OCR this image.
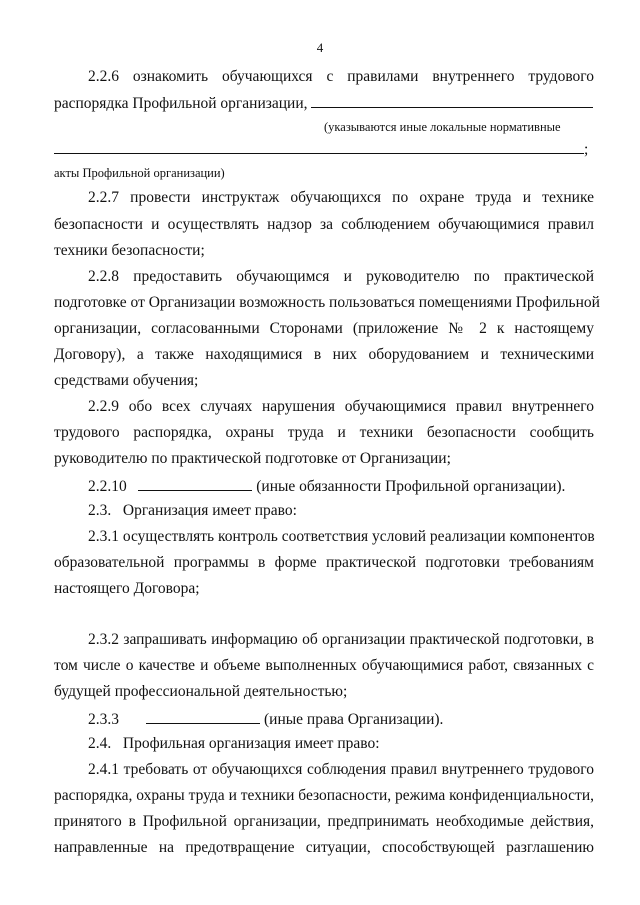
4
2.2.6 ознакомить обучающихся с правилами внутреннего трудового
распорядка Профильной организации,
(указываются иные локальные нормативные
;
акты Профильной организации)
2.2.7 провести инструктаж обучающихся по охране труда и технике
безопасности и осуществлять надзор за соблюдением обучающимися правил
техники безопасности;
2.2.8 предоставить обучающимся и руководителю по практической
подготовке от Организации возможность пользоваться помещениями Профильной
организации, согласованными Сторонами (приложение № 2 к настоящему
Договору), а также находящимися в них оборудованием и техническими
средствами обучения;
2.2.9 обо всех случаях нарушения обучающимися правил внутреннего
трудового распорядка, охраны труда и техники безопасности сообщить
руководителю по практической подготовке от Организации;
2.2.10	(иные обязанности Профильной организации).
2.3.   Организация имеет право:
2.3.1 осуществлять контроль соответствия условий реализации компонентов
образовательной программы в форме практической подготовки требованиям
настоящего Договора;
2.3.2 запрашивать информацию об организации практической подготовки, в
том числе о качестве и объеме выполненных обучающимися работ, связанных с
будущей профессиональной деятельностью;
2.3.3	(иные права Организации).
2.4.   Профильная организация имеет право:
2.4.1 требовать от обучающихся соблюдения правил внутреннего трудового
распорядка, охраны труда и техники безопасности, режима конфиденциальности,
принятого в Профильной организации, предпринимать необходимые действия,
направленные на предотвращение ситуации, способствующей разглашению
